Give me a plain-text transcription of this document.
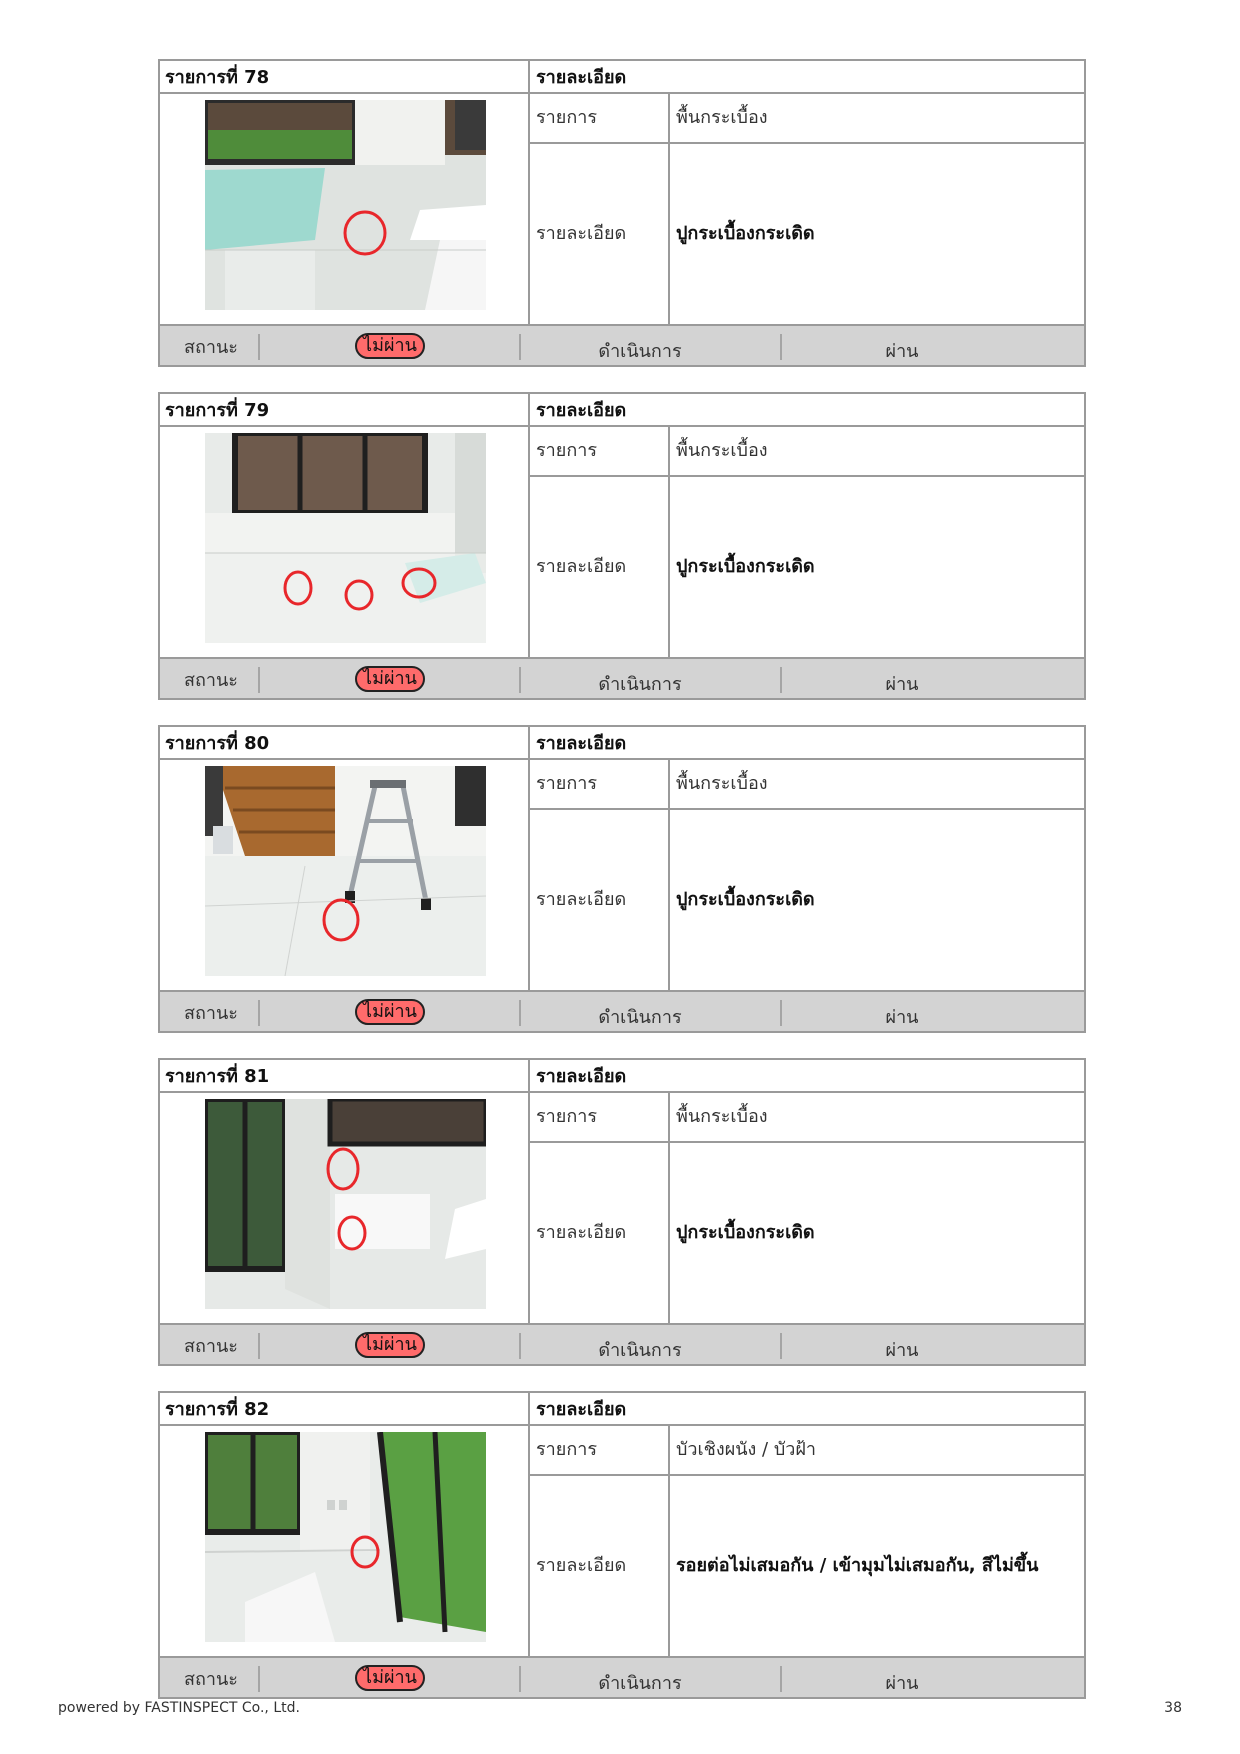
รายการที่ 78	รายละเอียด
รายการ	พื้นกระเบื้อง
รายละเอียด	ปูกระเบื้องกระเดิด
สถานะ	ไม่ผ่าน	ดำเนินการ	ผ่าน
รายการที่ 79	รายละเอียด
รายการ	พื้นกระเบื้อง
รายละเอียด	ปูกระเบื้องกระเดิด
สถานะ	ไม่ผ่าน	ดำเนินการ	ผ่าน
รายการที่ 80	รายละเอียด
รายการ	พื้นกระเบื้อง
รายละเอียด	ปูกระเบื้องกระเดิด
สถานะ	ไม่ผ่าน	ดำเนินการ	ผ่าน
รายการที่ 81	รายละเอียด
รายการ	พื้นกระเบื้อง
รายละเอียด	ปูกระเบื้องกระเดิด
สถานะ	ไม่ผ่าน	ดำเนินการ	ผ่าน
รายการที่ 82	รายละเอียด
รายการ	บัวเชิงผนัง / บัวฝ้า
รายละเอียด	รอยต่อไม่เสมอกัน / เข้ามุมไม่เสมอกัน, สีไม่ขึ้น
สถานะ	ไม่ผ่าน	ดำเนินการ	ผ่าน
powered by FASTINSPECT Co., Ltd.	38
